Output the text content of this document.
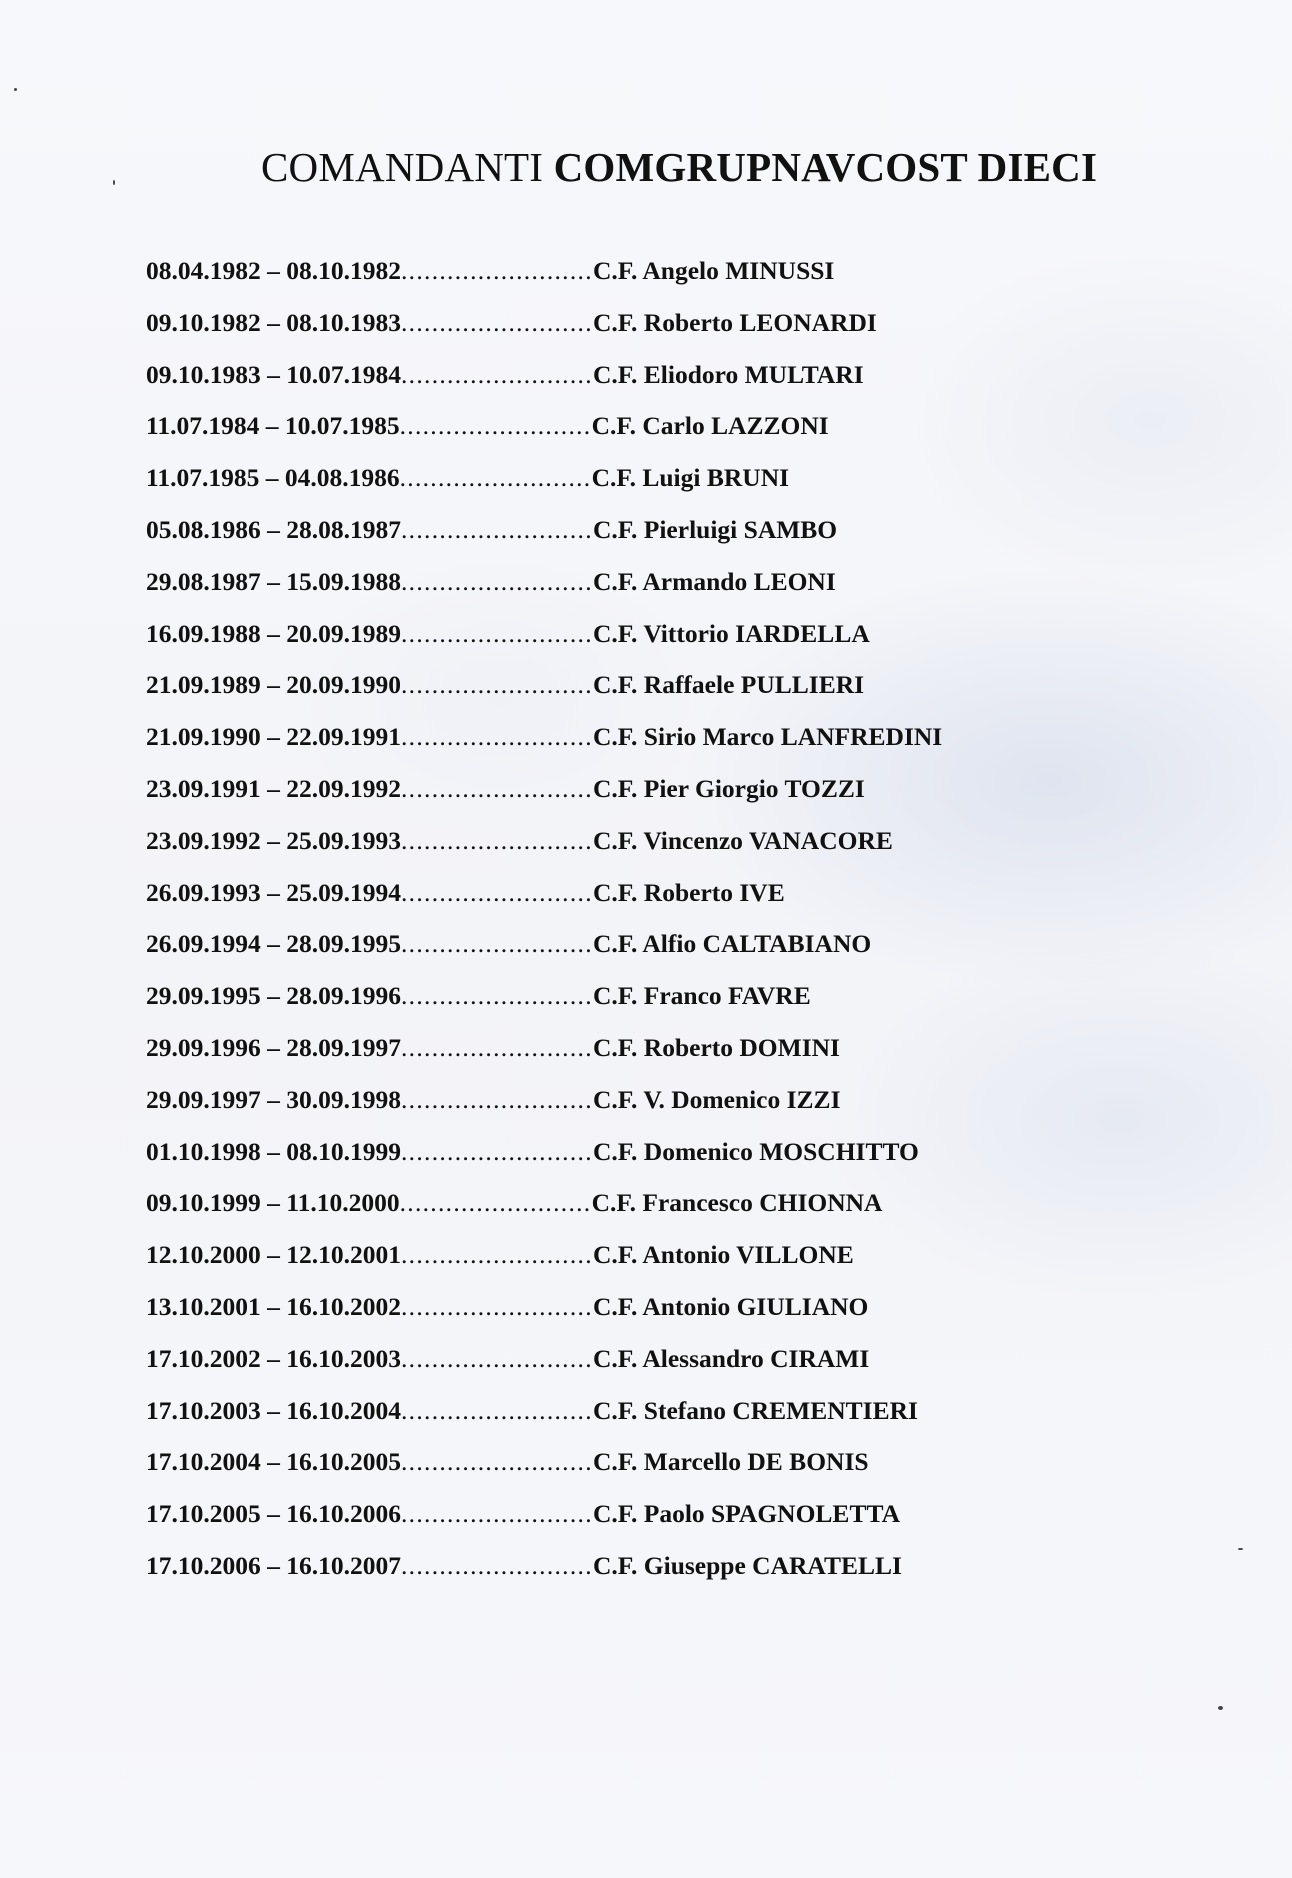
COMANDANTI COMGRUPNAVCOST DIECI
08.04.1982 – 08.10.1982 .....	C.F. Angelo MINUSSI
09.10.1982 – 08.10.1983 .....	C.F. Roberto LEONARDI
09.10.1983 – 10.07.1984 .....	C.F. Eliodoro MULTARI
11.07.1984 – 10.07.1985 .....	C.F. Carlo LAZZONI
11.07.1985 – 04.08.1986 .....	C.F. Luigi BRUNI
05.08.1986 – 28.08.1987 .....	C.F. Pierluigi SAMBO
29.08.1987 – 15.09.1988 .....	C.F. Armando LEONI
16.09.1988 – 20.09.1989 .....	C.F. Vittorio IARDELLA
21.09.1989 – 20.09.1990 .....	C.F. Raffaele PULLIERI
21.09.1990 – 22.09.1991 .....	C.F. Sirio Marco LANFREDINI
23.09.1991 – 22.09.1992 .....	C.F. Pier Giorgio TOZZI
23.09.1992 – 25.09.1993 .....	C.F. Vincenzo VANACORE
26.09.1993 – 25.09.1994 .....	C.F. Roberto IVE
26.09.1994 – 28.09.1995 .....	C.F. Alfio CALTABIANO
29.09.1995 – 28.09.1996 .....	C.F. Franco FAVRE
29.09.1996 – 28.09.1997 .....	C.F. Roberto DOMINI
29.09.1997 – 30.09.1998 .....	C.F. V. Domenico IZZI
01.10.1998 – 08.10.1999 .....	C.F. Domenico MOSCHITTO
09.10.1999 – 11.10.2000 .....	C.F. Francesco CHIONNA
12.10.2000 – 12.10.2001 .....	C.F. Antonio VILLONE
13.10.2001 – 16.10.2002 .....	C.F. Antonio GIULIANO
17.10.2002 – 16.10.2003 .....	C.F. Alessandro CIRAMI
17.10.2003 – 16.10.2004 .....	C.F. Stefano CREMENTIERI
17.10.2004 – 16.10.2005 .....	C.F. Marcello DE BONIS
17.10.2005 – 16.10.2006 .....	C.F. Paolo SPAGNOLETTA
17.10.2006 – 16.10.2007 .....	C.F. Giuseppe CARATELLI
